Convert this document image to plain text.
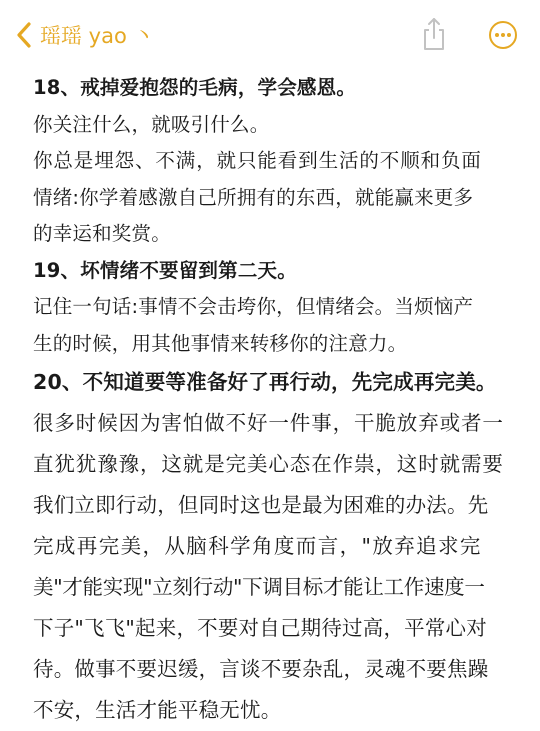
瑶瑶 yao 丶
18、戒掉爱抱怨的毛病，学会感恩。
你关注什么，就吸引什么。
你总是埋怨、不满，就只能看到生活的不顺和负面
情绪:你学着感激自己所拥有的东西，就能赢来更多
的幸运和奖赏。
19、坏情绪不要留到第二天。
记住一句话:事情不会击垮你，但情绪会。当烦恼产
生的时候，用其他事情来转移你的注意力。
20、不知道要等准备好了再行动，先完成再完美。
很多时候因为害怕做不好一件事，干脆放弃或者一
直犹犹豫豫，这就是完美心态在作祟，这时就需要
我们立即行动，但同时这也是最为困难的办法。先
完成再完美，从脑科学角度而言，"放弃追求完
美"才能实现"立刻行动"下调目标才能让工作速度一
下子"飞飞"起来，不要对自己期待过高，平常心对
待。做事不要迟缓，言谈不要杂乱，灵魂不要焦躁
不安，生活才能平稳无忧。
